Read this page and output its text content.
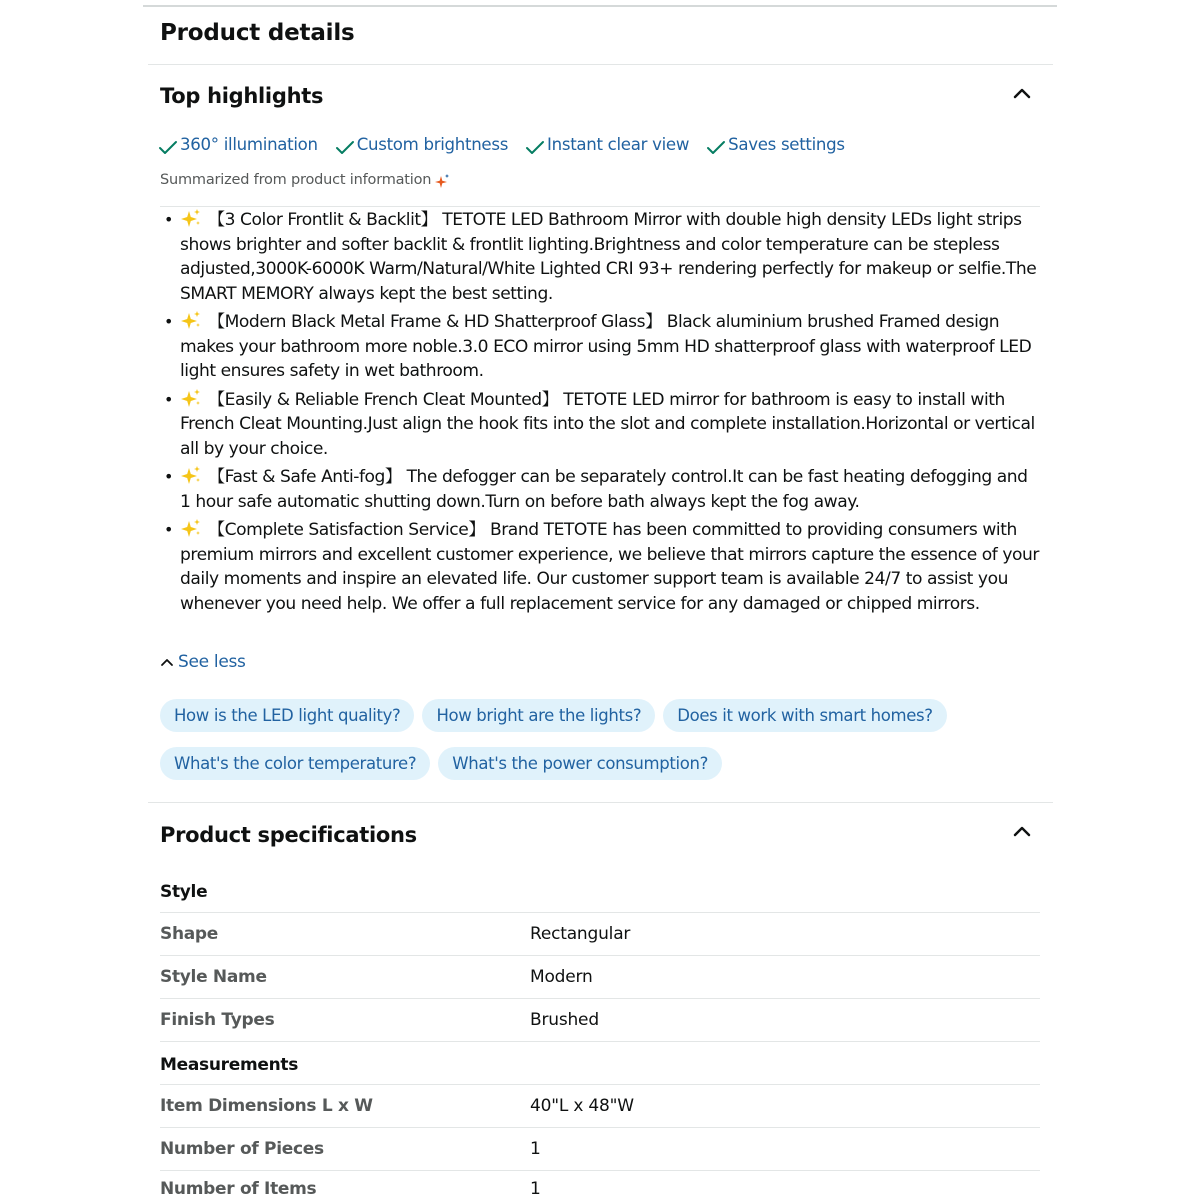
Product details
Top highlights
360° illumination Custom brightness Instant clear view Saves settings
Summarized from product information
• 【3 Color Frontlit & Backlit】 TETOTE LED Bathroom Mirror with double high density LEDs light strips shows brighter and softer backlit & frontlit lighting.Brightness and color temperature can be stepless adjusted,3000K-6000K Warm/Natural/White Lighted CRI 93+ rendering perfectly for makeup or selfie.The SMART MEMORY always kept the best setting.
• 【Modern Black Metal Frame & HD Shatterproof Glass】 Black aluminium brushed Framed design makes your bathroom more noble.3.0 ECO mirror using 5mm HD shatterproof glass with waterproof LED light ensures safety in wet bathroom.
• 【Easily & Reliable French Cleat Mounted】 TETOTE LED mirror for bathroom is easy to install with French Cleat Mounting.Just align the hook fits into the slot and complete installation.Horizontal or vertical all by your choice.
• 【Fast & Safe Anti-fog】 The defogger can be separately control.It can be fast heating defogging and 1 hour safe automatic shutting down.Turn on before bath always kept the fog away.
• 【Complete Satisfaction Service】 Brand TETOTE has been committed to providing consumers with premium mirrors and excellent customer experience, we believe that mirrors capture the essence of your daily moments and inspire an elevated life. Our customer support team is available 24/7 to assist you whenever you need help. We offer a full replacement service for any damaged or chipped mirrors.
See less
How is the LED light quality?	How bright are the lights?	Does it work with smart homes?
What's the color temperature?	What's the power consumption?
Product specifications
Style
Shape	Rectangular
Style Name	Modern
Finish Types	Brushed
Measurements
Item Dimensions L x W	40"L x 48"W
Number of Pieces	1
Number of Items	1
